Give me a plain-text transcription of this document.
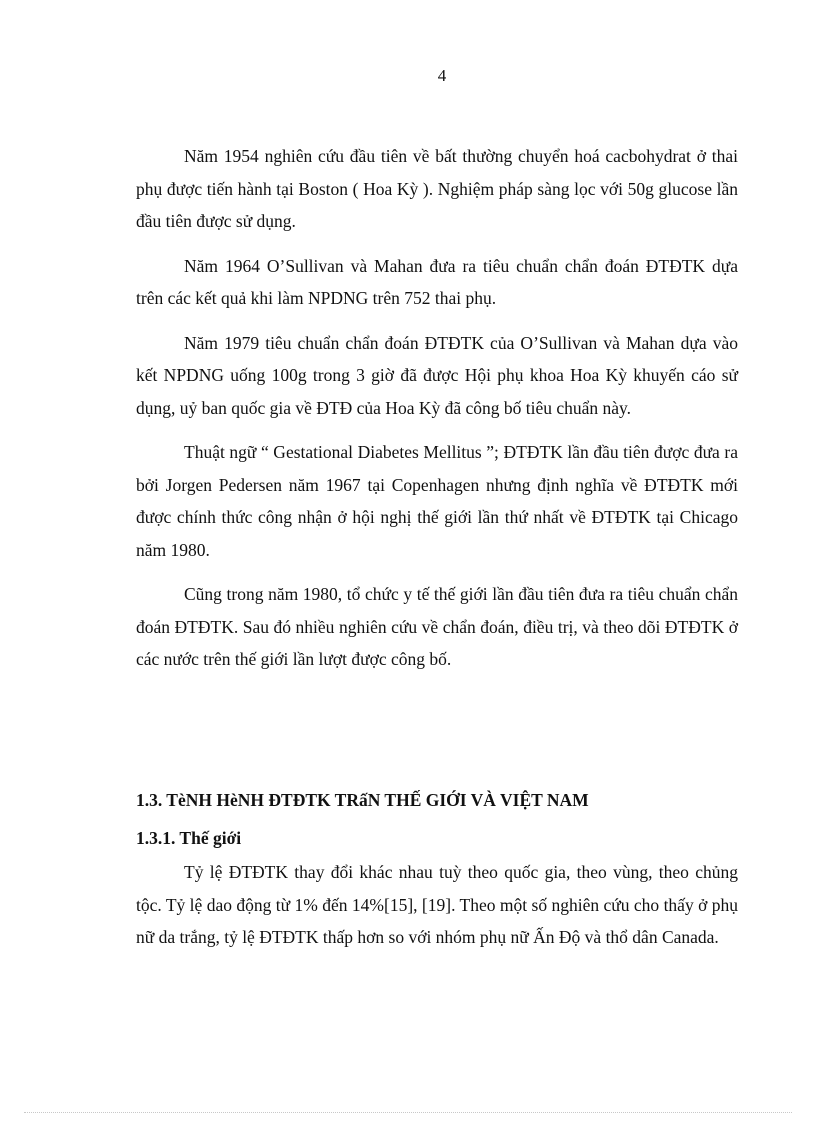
4

Năm 1954 nghiên cứu đầu tiên về bất thường chuyển hoá cacbohydrat ở thai phụ được tiến hành tại Boston ( Hoa Kỳ ). Nghiệm pháp sàng lọc với 50g glucose lần đầu tiên được sử dụng.

Năm 1964 O’Sullivan và Mahan đưa ra tiêu chuẩn chẩn đoán ĐTĐTK dựa trên các kết quả khi làm NPDNG trên 752 thai phụ.

Năm 1979 tiêu chuẩn chẩn đoán ĐTĐTK của O’Sullivan và Mahan dựa vào kết NPDNG uống 100g trong 3 giờ đã được Hội phụ khoa Hoa Kỳ khuyến cáo sử dụng, uỷ ban quốc gia về ĐTĐ của Hoa Kỳ đã công bố tiêu chuẩn này.

Thuật ngữ “ Gestational Diabetes Mellitus ”; ĐTĐTK lần đầu tiên được đưa ra bởi Jorgen Pedersen năm 1967 tại Copenhagen nhưng định nghĩa về ĐTĐTK mới được chính thức công nhận ở hội nghị thế giới lần thứ nhất về ĐTĐTK tại Chicago năm 1980.

Cũng trong năm 1980, tổ chức y tế thế giới lần đầu tiên đưa ra tiêu chuẩn chẩn đoán ĐTĐTK. Sau đó nhiều nghiên cứu về chẩn đoán, điều trị, và theo dõi ĐTĐTK ở các nước trên thế giới lần lượt được công bố.

1.3. TèNH HèNH ĐTĐTK TRấN THẾ GIỚI VÀ VIỆT NAM

1.3.1. Thế giới

Tỷ lệ ĐTĐTK thay đổi khác nhau tuỳ theo quốc gia, theo vùng, theo chủng tộc. Tỷ lệ dao động từ 1% đến 14%[15], [19]. Theo một số nghiên cứu cho thấy ở phụ nữ da trắng, tỷ lệ ĐTĐTK thấp hơn so với nhóm phụ nữ Ấn Độ và thổ dân Canada.
